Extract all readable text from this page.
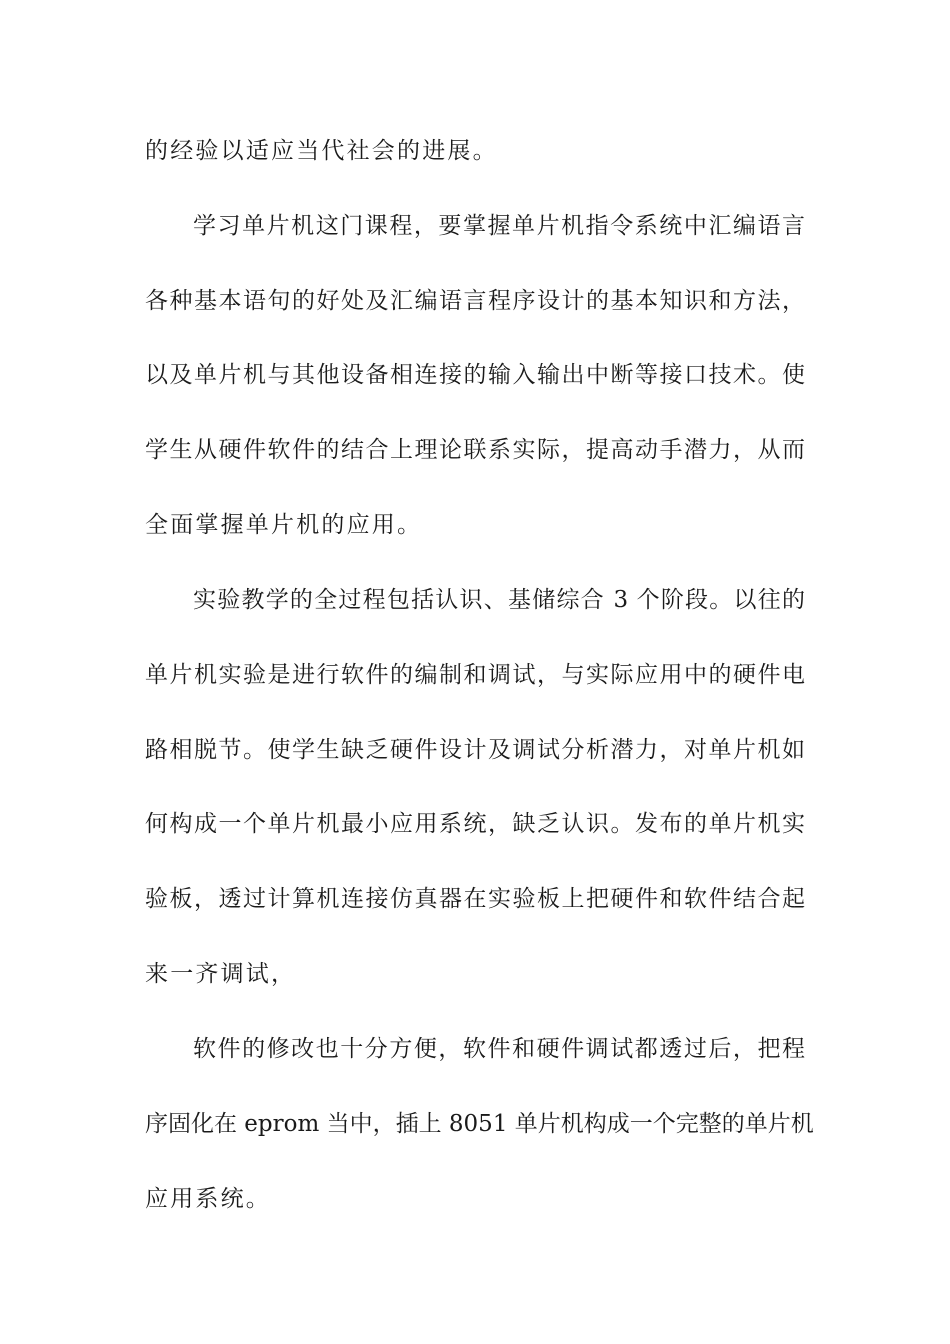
的经验以适应当代社会的进展。
学习单片机这门课程，要掌握单片机指令系统中汇编语言
各种基本语句的好处及汇编语言程序设计的基本知识和方法，
以及单片机与其他设备相连接的输入输出中断等接口技术。使
学生从硬件软件的结合上理论联系实际，提高动手潜力，从而
全面掌握单片机的应用。
实验教学的全过程包括认识、基储综合 3 个阶段。以往的
单片机实验是进行软件的编制和调试，与实际应用中的硬件电
路相脱节。使学生缺乏硬件设计及调试分析潜力，对单片机如
何构成一个单片机最小应用系统，缺乏认识。发布的单片机实
验板，透过计算机连接仿真器在实验板上把硬件和软件结合起
来一齐调试，
软件的修改也十分方便，软件和硬件调试都透过后，把程
序固化在 eprom 当中，插上 8051 单片机构成一个完整的单片机
应用系统。
